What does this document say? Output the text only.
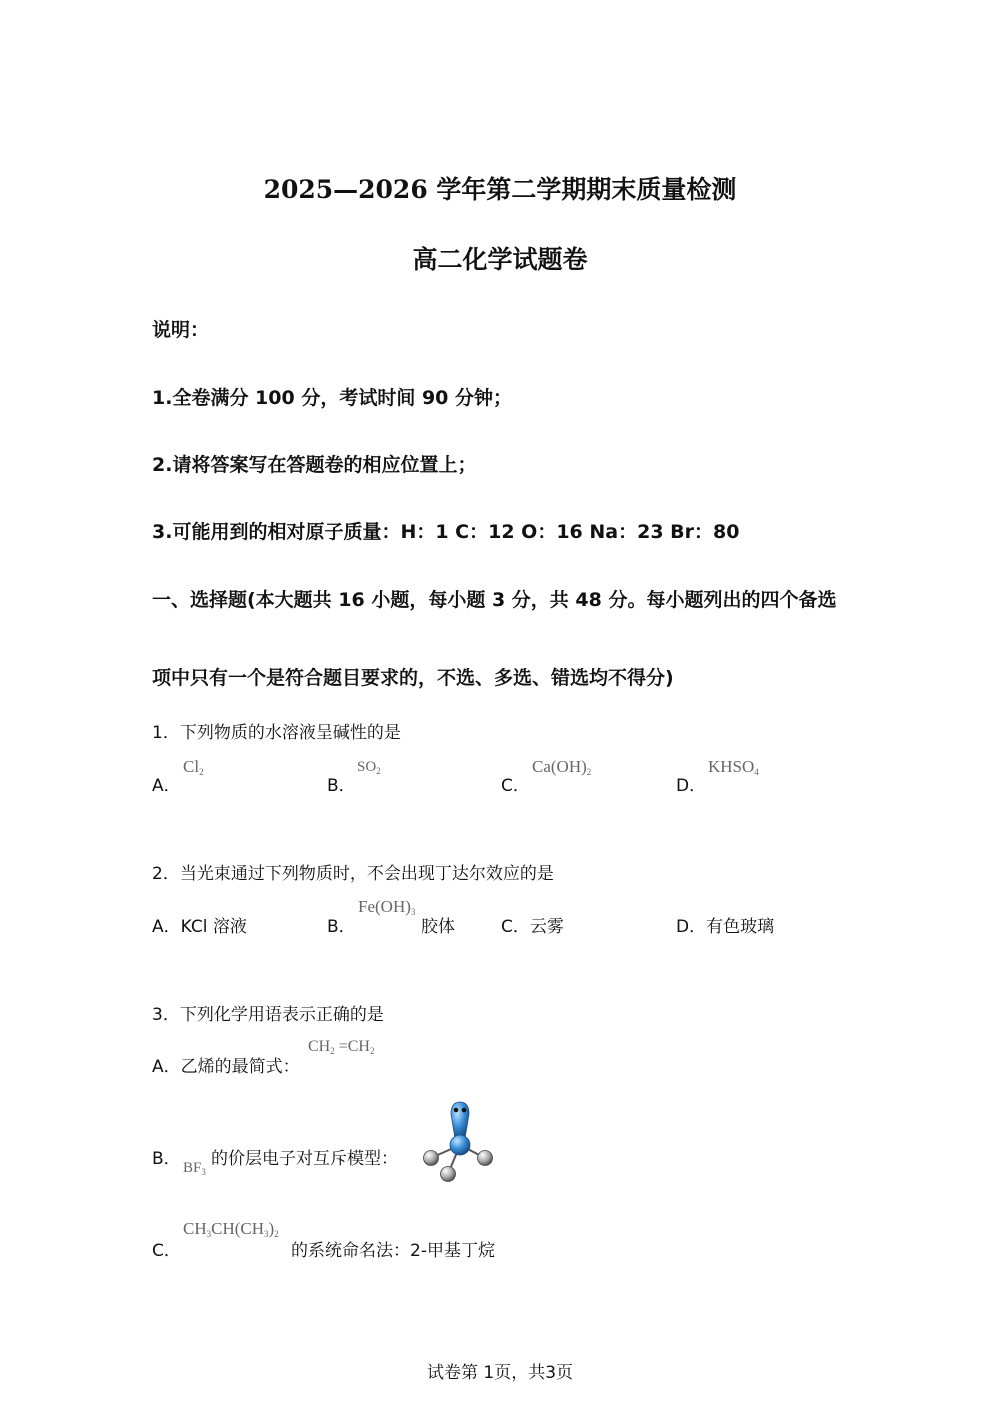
2025—2026 学年第二学期期末质量检测
高二化学试题卷
说明：
1.全卷满分 100 分，考试时间 90 分钟；
2.请将答案写在答题卷的相应位置上；
3.可能用到的相对原子质量：H：1 C：12 O：16 Na：23 Br：80
一、选择题(本大题共 16 小题，每小题 3 分，共 48 分。每小题列出的四个备选
项中只有一个是符合题目要求的，不选、多选、错选均不得分)
1．下列物质的水溶液呈碱性的是
A．
$Cl_2$
B．
$SO_2$
C．
$Ca(OH)_2$
D．
$KHSO_4$
2．当光束通过下列物质时，不会出现丁达尔效应的是
A．KCl 溶液	B．
$Fe(OH)_3$
胶体	C．云雾	D．有色玻璃
3．下列化学用语表示正确的是
A．乙烯的最简式：
$CH_2 =CH_2$
B． $BF_3$
的价层电子对互斥模型：
C．
$CH_3CH(CH_3)_2$
的系统命名法：2-甲基丁烷
试卷第 1页，共3页
